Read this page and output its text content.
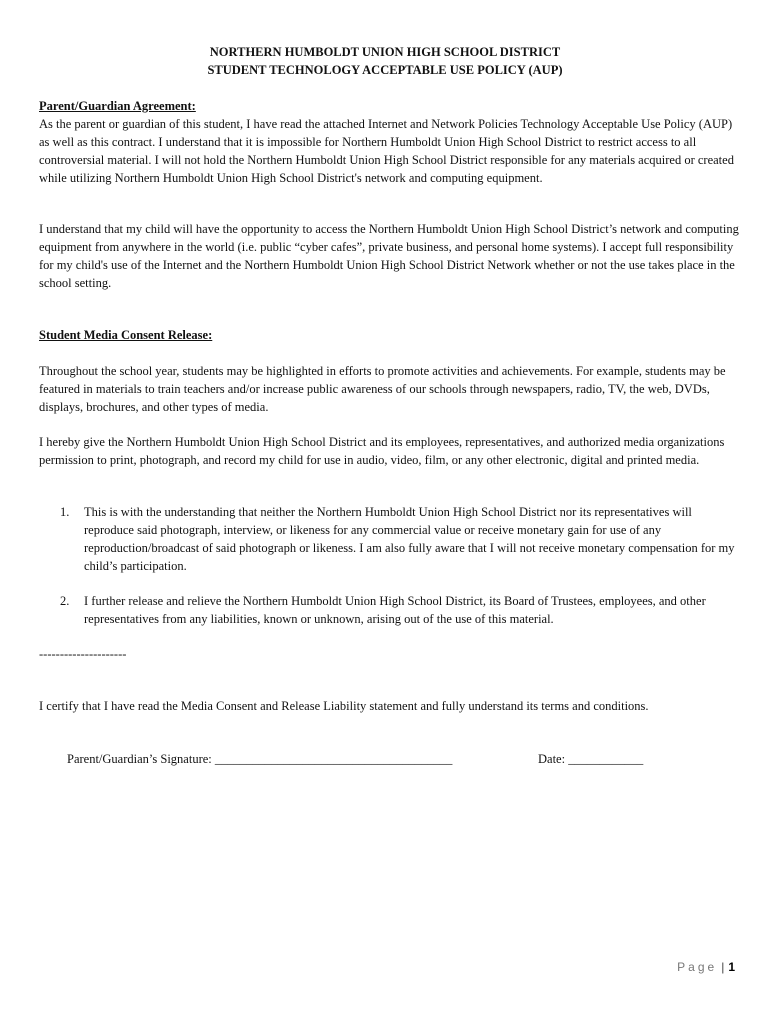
NORTHERN HUMBOLDT UNION HIGH SCHOOL DISTRICT
STUDENT TECHNOLOGY ACCEPTABLE USE POLICY (AUP)
Parent/Guardian Agreement:

As the parent or guardian of this student, I have read the attached Internet and Network Policies Technology Acceptable Use Policy (AUP) as well as this contract. I understand that it is impossible for Northern Humboldt Union High School District to restrict access to all controversial material. I will not hold the Northern Humboldt Union High School District responsible for any materials acquired or created while utilizing Northern Humboldt Union High School District's network and computing equipment.

I understand that my child will have the opportunity to access the Northern Humboldt Union High School District’s network and computing equipment from anywhere in the world (i.e. public “cyber cafes”, private business, and personal home systems). I accept full responsibility for my child's use of the Internet and the Northern Humboldt Union High School District Network whether or not the use takes place in the school setting.

Student Media Consent Release:

Throughout the school year, students may be highlighted in efforts to promote activities and achievements. For example, students may be featured in materials to train teachers and/or increase public awareness of our schools through newspapers, radio, TV, the web, DVDs, displays, brochures, and other types of media.

I hereby give the Northern Humboldt Union High School District and its employees, representatives, and authorized media organizations permission to print, photograph, and record my child for use in audio, video, film, or any other electronic, digital and printed media.

1. This is with the understanding that neither the Northern Humboldt Union High School District nor its representatives will reproduce said photograph, interview, or likeness for any commercial value or receive monetary gain for use of any reproduction/broadcast of said photograph or likeness. I am also fully aware that I will not receive monetary compensation for my child’s participation.
2. I further release and relieve the Northern Humboldt Union High School District, its Board of Trustees, employees, and other representatives from any liabilities, known or unknown, arising out of the use of this material.
---------------------

I certify that I have read the Media Consent and Release Liability statement and fully understand its terms and conditions.

Parent/Guardian’s Signature: ______________________________________	Date: ____________
Page | 1
